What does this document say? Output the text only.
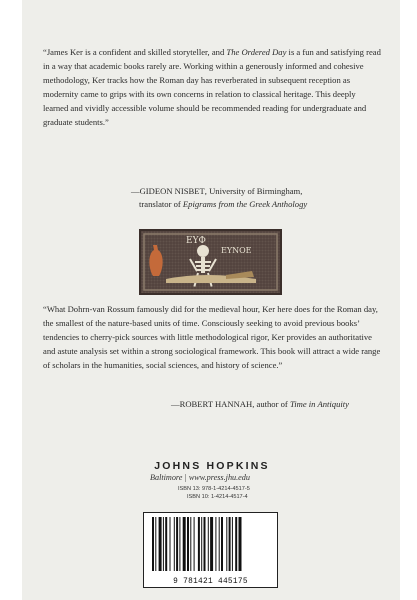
“James Ker is a confident and skilled storyteller, and The Ordered Day is a fun and satisfying read in a way that academic books rarely are. Working within a generously informed and cohesive methodology, Ker tracks how the Roman day has reverberated in subsequent reception as modernity came to grips with its own concerns in relation to classical heritage. This deeply learned and vividly accessible volume should be recommended reading for undergraduate and graduate students.”

—GIDEON NISBET, University of Birmingham,
translator of Epigrams from the Greek Anthology
ΕΥΦ
ΕΥΝΟΕ

“What Dohrn-van Rossum famously did for the medieval hour, Ker here does for the Roman day, the smallest of the nature-based units of time. Consciously seeking to avoid previous books’ tendencies to cherry-pick sources with little methodological rigor, Ker provides an authoritative and astute analysis set within a strong sociological framework. This book will attract a wide range of scholars in the humanities, social sciences, and history of science.”

—ROBERT HANNAH, author of Time in Antiquity
JOHNS HOPKINS
Baltimore | www.press.jhu.edu
ISBN 13: 978-1-4214-4517-5
ISBN 10: 1-4214-4517-4
9 781421 445175
